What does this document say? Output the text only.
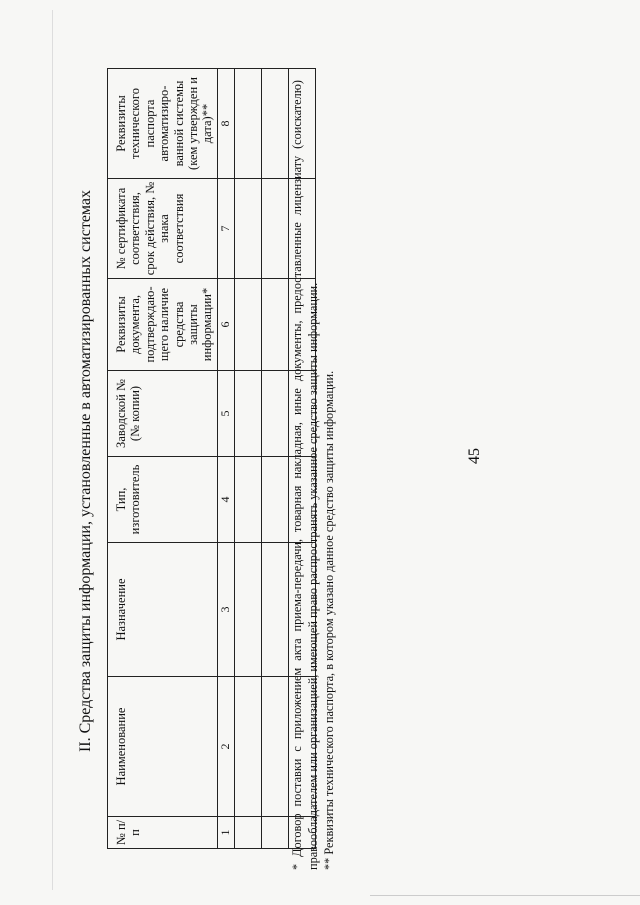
45
II. Средства защиты информации, установленные в автоматизированных системах
№ п/п	Наименование	Назначение	Тип, изготовитель	Заводской № (№ копии)	Реквизиты документа, подтверждаю-щего наличие средства защиты информации*	№ сертификата соответствия, срок действия, № знака соответствия	Реквизиты технического паспорта автоматизиро-ванной системы (кем утвержден и дата)**
1	2	3	4	5	6	7	8

								* Договор поставки с приложением акта приема-передачи, товарная накладная, иные документы, предоставленные лицензиату (соискателю) правообладателем или организацией, имеющей право распространять указанное средство защиты информации. ** Реквизиты технического паспорта, в котором указано данное средство защиты информации.
